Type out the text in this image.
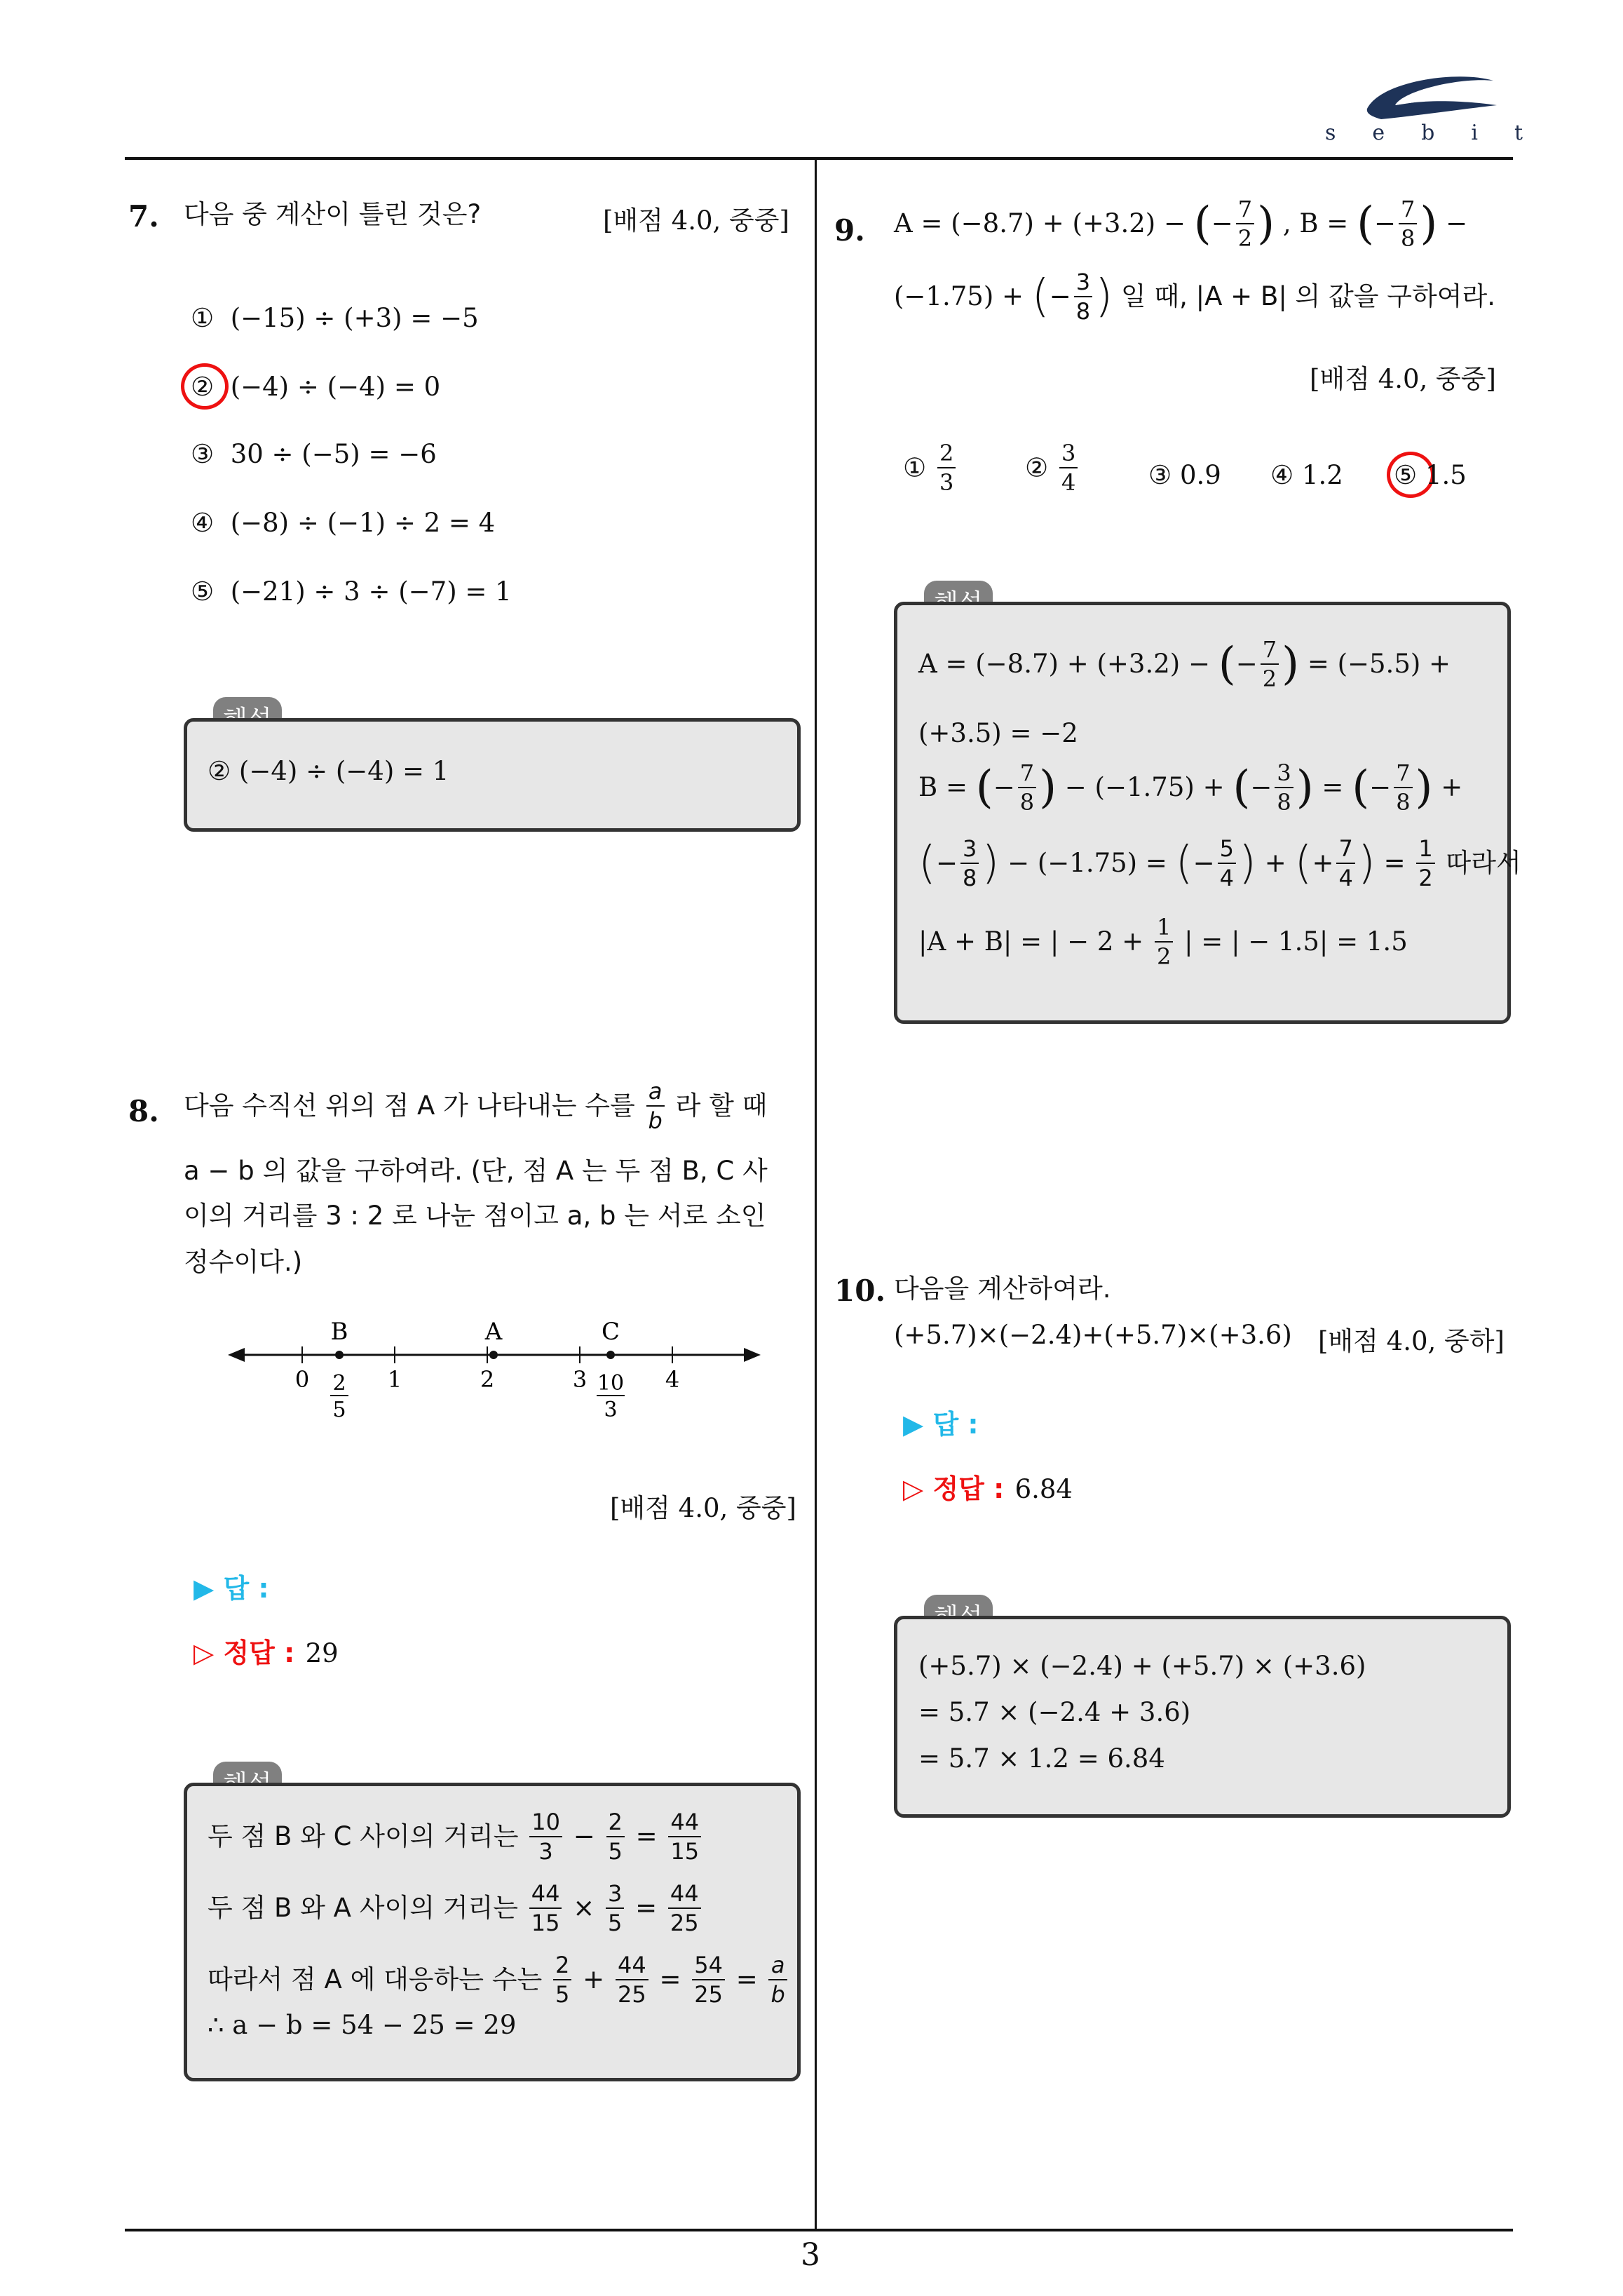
sebit
7. 다음 중 계산이 틀린 것은?	[배점 4.0, 중중]
① (−15) ÷ (+3) = −5
② (−4) ÷ (−4) = 0
③ 30 ÷ (−5) = −6
④ (−8) ÷ (−1) ÷ 2 = 4
⑤ (−21) ÷ 3 ÷ (−7) = 1
② (−4) ÷ (−4) = 1
8. 다음 수직선 위의 점 A 가 나타내는 수를 $\frac{a}{b}$ 라 할 때
a − b 의 값을 구하여라. (단, 점 A 는 두 점 B, C 사
이의 거리를 3 : 2 로 나눈 점이고 a, b 는 서로 소인
정수이다.)
B	A	C
0	1	2	3	4
2
5
10
3
[배점 4.0, 중중]
▶ 답 :
▷ 정답 : 29
두 점 B 와 C 사이의 거리는 $\frac{10}{3} - \frac{2}{5} = \frac{44}{15}$
두 점 B 와 A 사이의 거리는 $\frac{44}{15} \times \frac{3}{5} = \frac{44}{25}$
따라서 점 A 에 대응하는 수는 $\frac{2}{5} + \frac{44}{25} = \frac{54}{25} = \frac{a}{b}$
∴ a − b = 54 − 25 = 29
9. A = (−8.7) + (+3.2) − (− $\frac{7}{2}$ ) , B = (− $\frac{7}{8}$ ) −
(−1.75) + (− $\frac{3}{8}$ ) 일 때, |A + B| 의 값을 구하여라.
[배점 4.0, 중중]
① $\frac{2}{3}$	② $\frac{3}{4}$	③ 0.9 ④ 1.2 ⑤ 1.5
A = (−8.7) + (+3.2) − (− $\frac{7}{2}$ ) = (−5.5) +
(+3.5) = −2
B = (− $\frac{7}{8}$ ) − (−1.75) + (− $\frac{3}{8}$ ) = (− $\frac{7}{8}$ ) +
(− $\frac{3}{8}$ ) − (−1.75) = (− $\frac{5}{4}$ ) + (+ $\frac{7}{4}$ ) = $\frac{1}{2}$ 따라서
|A + B| = | − $2 + \frac{1}{2}$ | = | − 1.5| = 1.5
10. 다음을 계산하여라.
(+5.7)×(−2.4)+(+5.7)×(+3.6) [배점 4.0, 중하]
▶ 답 :
▷ 정답 : 6.84
(+5.7) × (−2.4) + (+5.7) × (+3.6)
= 5.7 × (−2.4 + 3.6)
= 5.7 × 1.2 = 6.84
3
